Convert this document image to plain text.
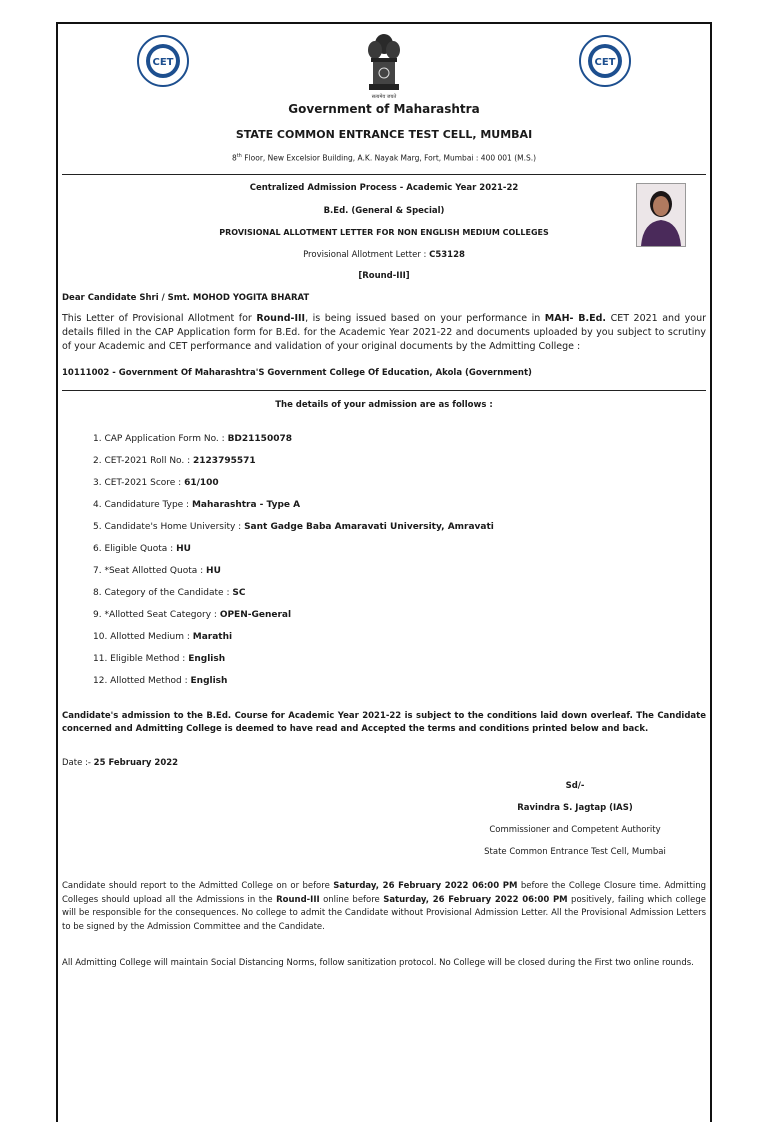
CET
सत्यमेव जयते
CET
Government of Maharashtra
STATE COMMON ENTRANCE TEST CELL, MUMBAI
8th Floor, New Excelsior Building, A.K. Nayak Marg, Fort, Mumbai : 400 001 (M.S.)
Centralized Admission Process - Academic Year 2021-22
B.Ed. (General & Special)
PROVISIONAL ALLOTMENT LETTER FOR NON ENGLISH MEDIUM COLLEGES
Provisional Allotment Letter : C53128
[Round-III]
Dear Candidate Shri / Smt. MOHOD YOGITA BHARAT
This Letter of Provisional Allotment for Round-III, is being issued based on your performance in MAH- B.Ed. CET 2021 and your details filled in the CAP Application form for B.Ed. for the Academic Year 2021-22 and documents uploaded by you subject to scrutiny of your Academic and CET performance and validation of your original documents by the Admitting College :
10111002 - Government Of Maharashtra'S Government College Of Education, Akola (Government)
The details of your admission are as follows :
1. CAP Application Form No. : BD21150078
2. CET-2021 Roll No. : 2123795571
3. CET-2021 Score : 61/100
4. Candidature Type : Maharashtra - Type A
5. Candidate's Home University : Sant Gadge Baba Amaravati University, Amravati
6. Eligible Quota : HU
7. *Seat Allotted Quota : HU
8. Category of the Candidate : SC
9. *Allotted Seat Category : OPEN-General
10. Allotted Medium : Marathi
11. Eligible Method : English
12. Allotted Method : English
Candidate's admission to the B.Ed. Course for Academic Year 2021-22 is subject to the conditions laid down overleaf. The Candidate concerned and Admitting College is deemed to have read and Accepted the terms and conditions printed below and back.
Date :- 25 February 2022
Sd/-
Ravindra S. Jagtap (IAS)
Commissioner and Competent Authority
State Common Entrance Test Cell, Mumbai
Candidate should report to the Admitted College on or before Saturday, 26 February 2022 06:00 PM before the College Closure time. Admitting Colleges should upload all the Admissions in the Round-III online before Saturday, 26 February 2022 06:00 PM positively, failing which college will be responsible for the consequences. No college to admit the Candidate without Provisional Admission Letter. All the Provisional Admission Letters to be signed by the Admission Committee and the Candidate.
All Admitting College will maintain Social Distancing Norms, follow sanitization protocol. No College will be closed during the First two online rounds.
